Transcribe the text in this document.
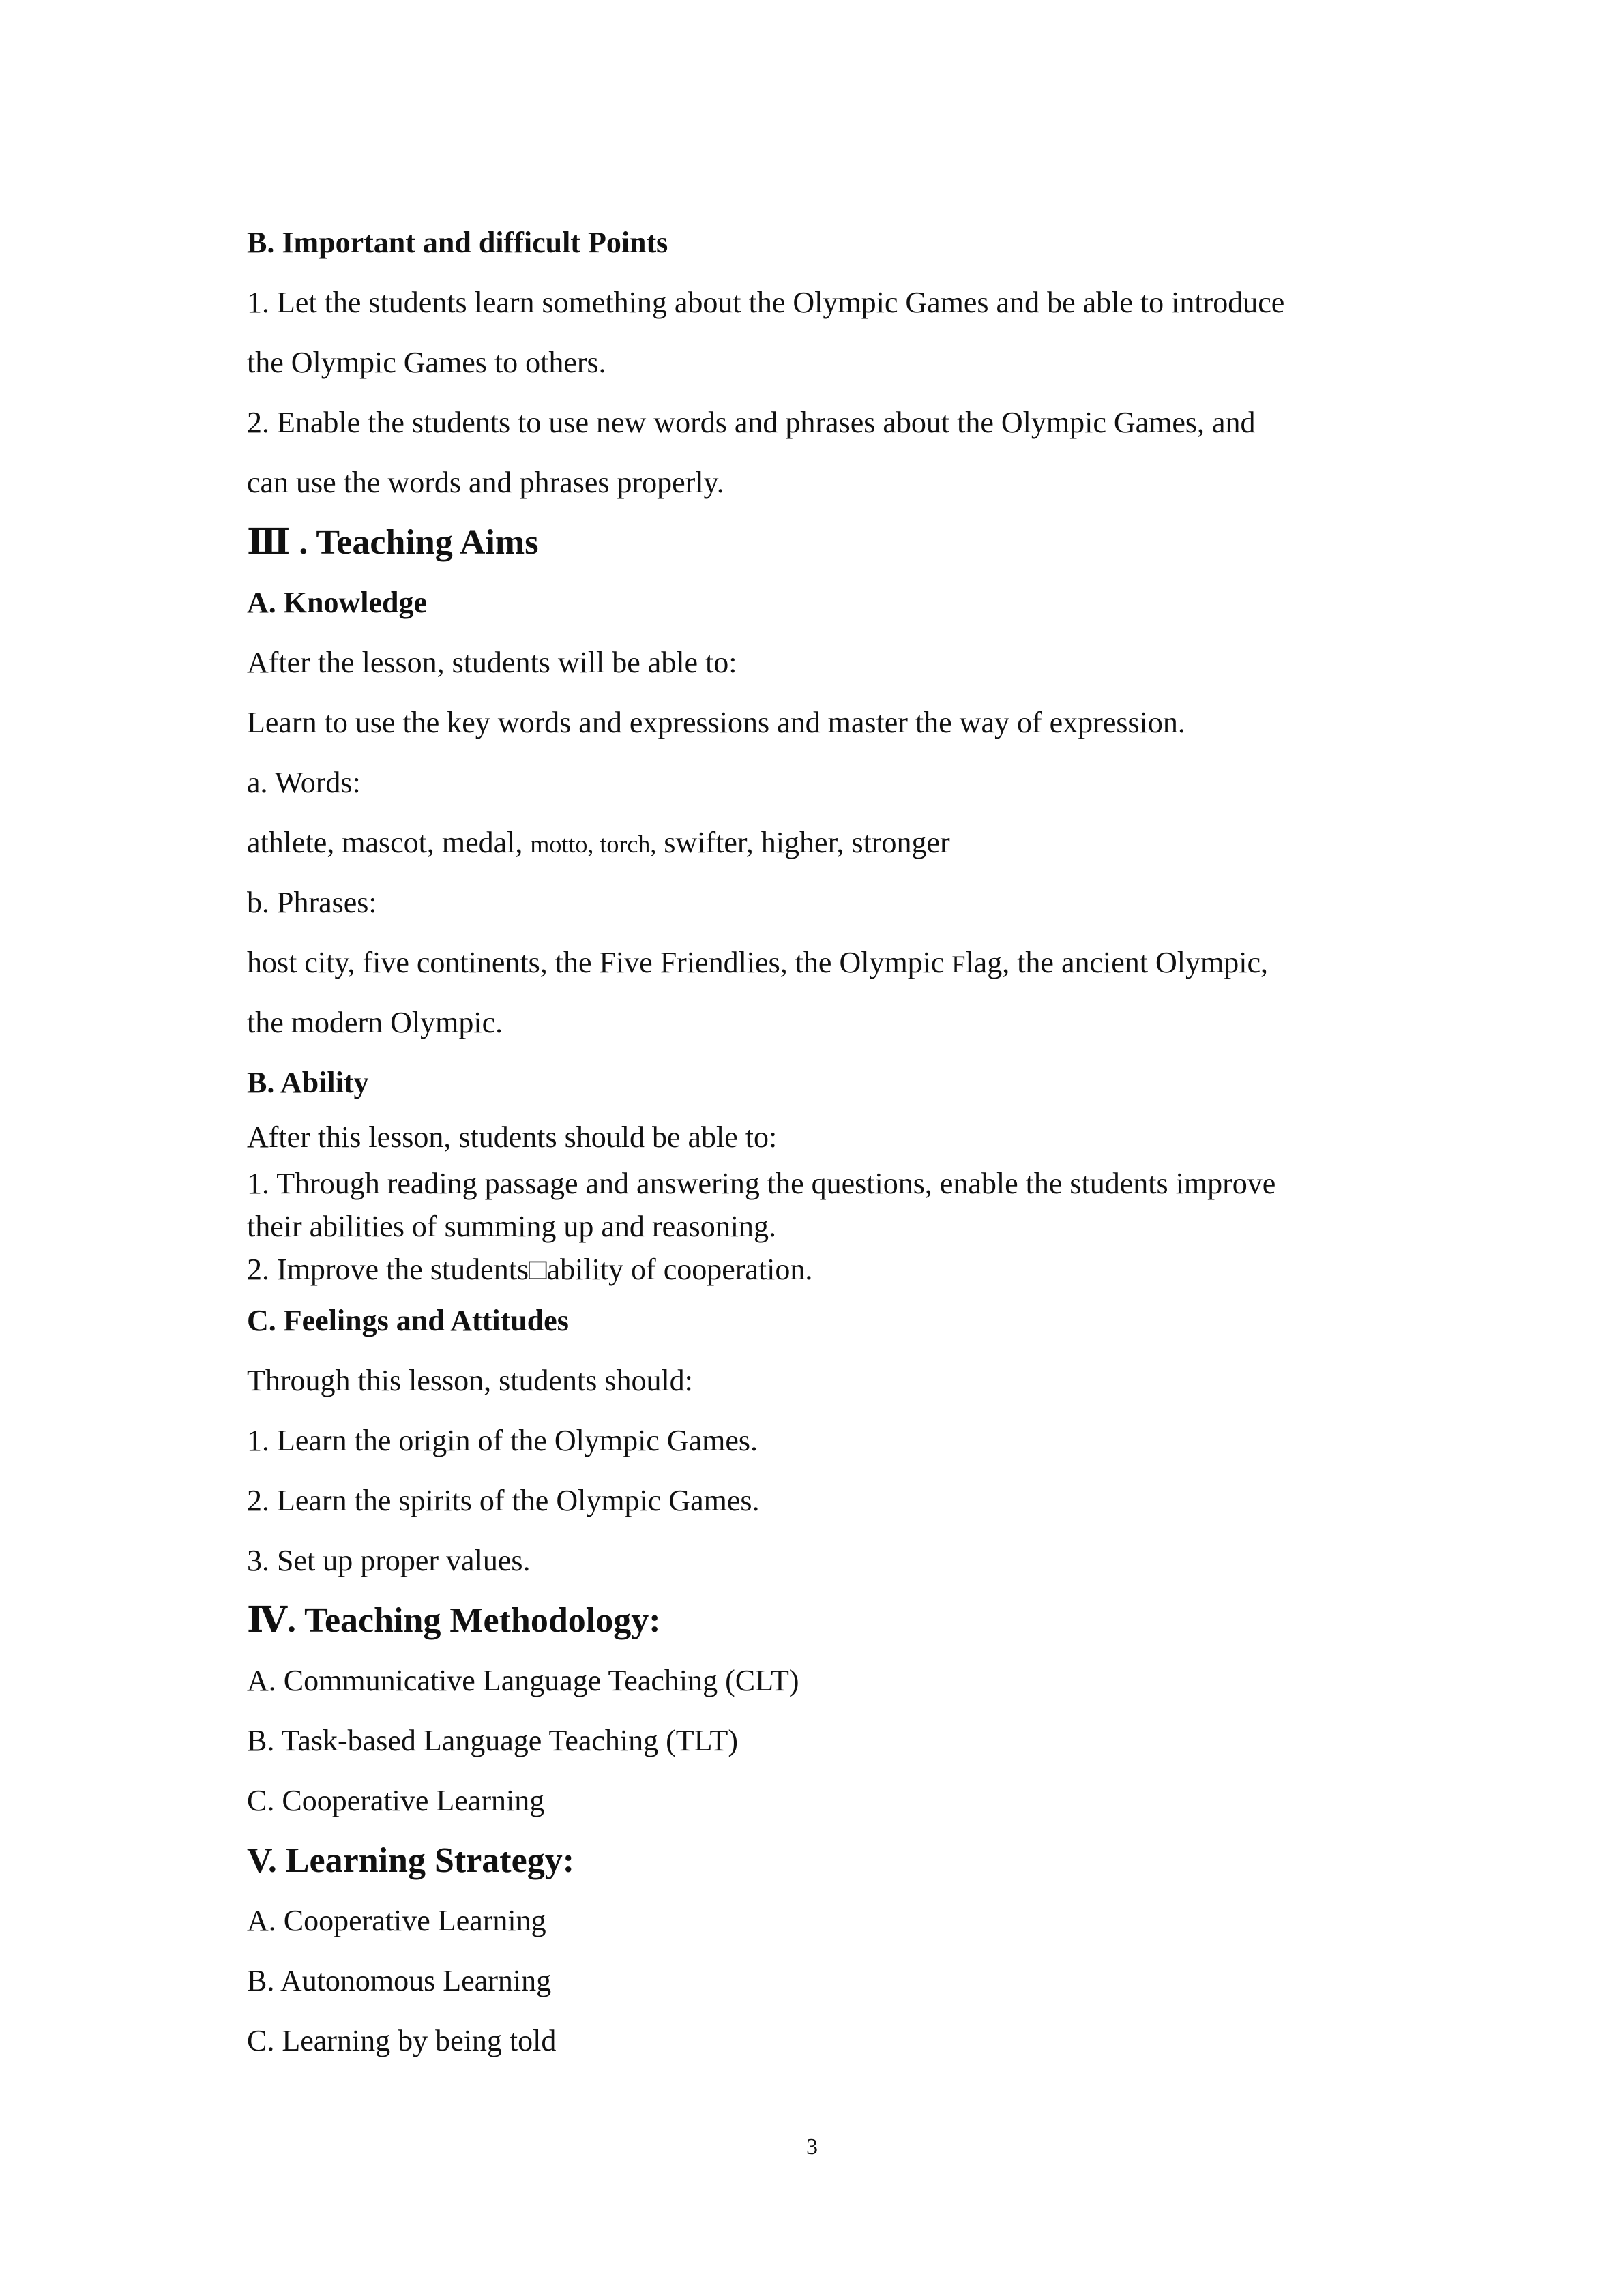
B. Important and difficult Points

1. Let the students learn something about the Olympic Games and be able to introduce

the Olympic Games to others.

2. Enable the students to use new words and phrases about the Olympic Games, and

can use the words and phrases properly.

Ⅲ . Teaching Aims

A. Knowledge

After the lesson, students will be able to:

Learn to use the key words and expressions and master the way of expression.

a. Words:

athlete, mascot, medal, motto, torch, swifter, higher, stronger

b. Phrases:

host city, five continents, the Five Friendlies, the Olympic Flag, the ancient Olympic,

the modern Olympic.

B. Ability

After this lesson, students should be able to:

1. Through reading passage and answering the questions, enable the students improve

their abilities of summing up and reasoning.

2. Improve the students□ability of cooperation.

C. Feelings and Attitudes

Through this lesson, students should:

1. Learn the origin of the Olympic Games.

2. Learn the spirits of the Olympic Games.

3. Set up proper values.

Ⅳ. Teaching Methodology:

A. Communicative Language Teaching (CLT)

B. Task-based Language Teaching (TLT)

C. Cooperative Learning

V. Learning Strategy:

A. Cooperative Learning

B. Autonomous Learning

C. Learning by being told

3
